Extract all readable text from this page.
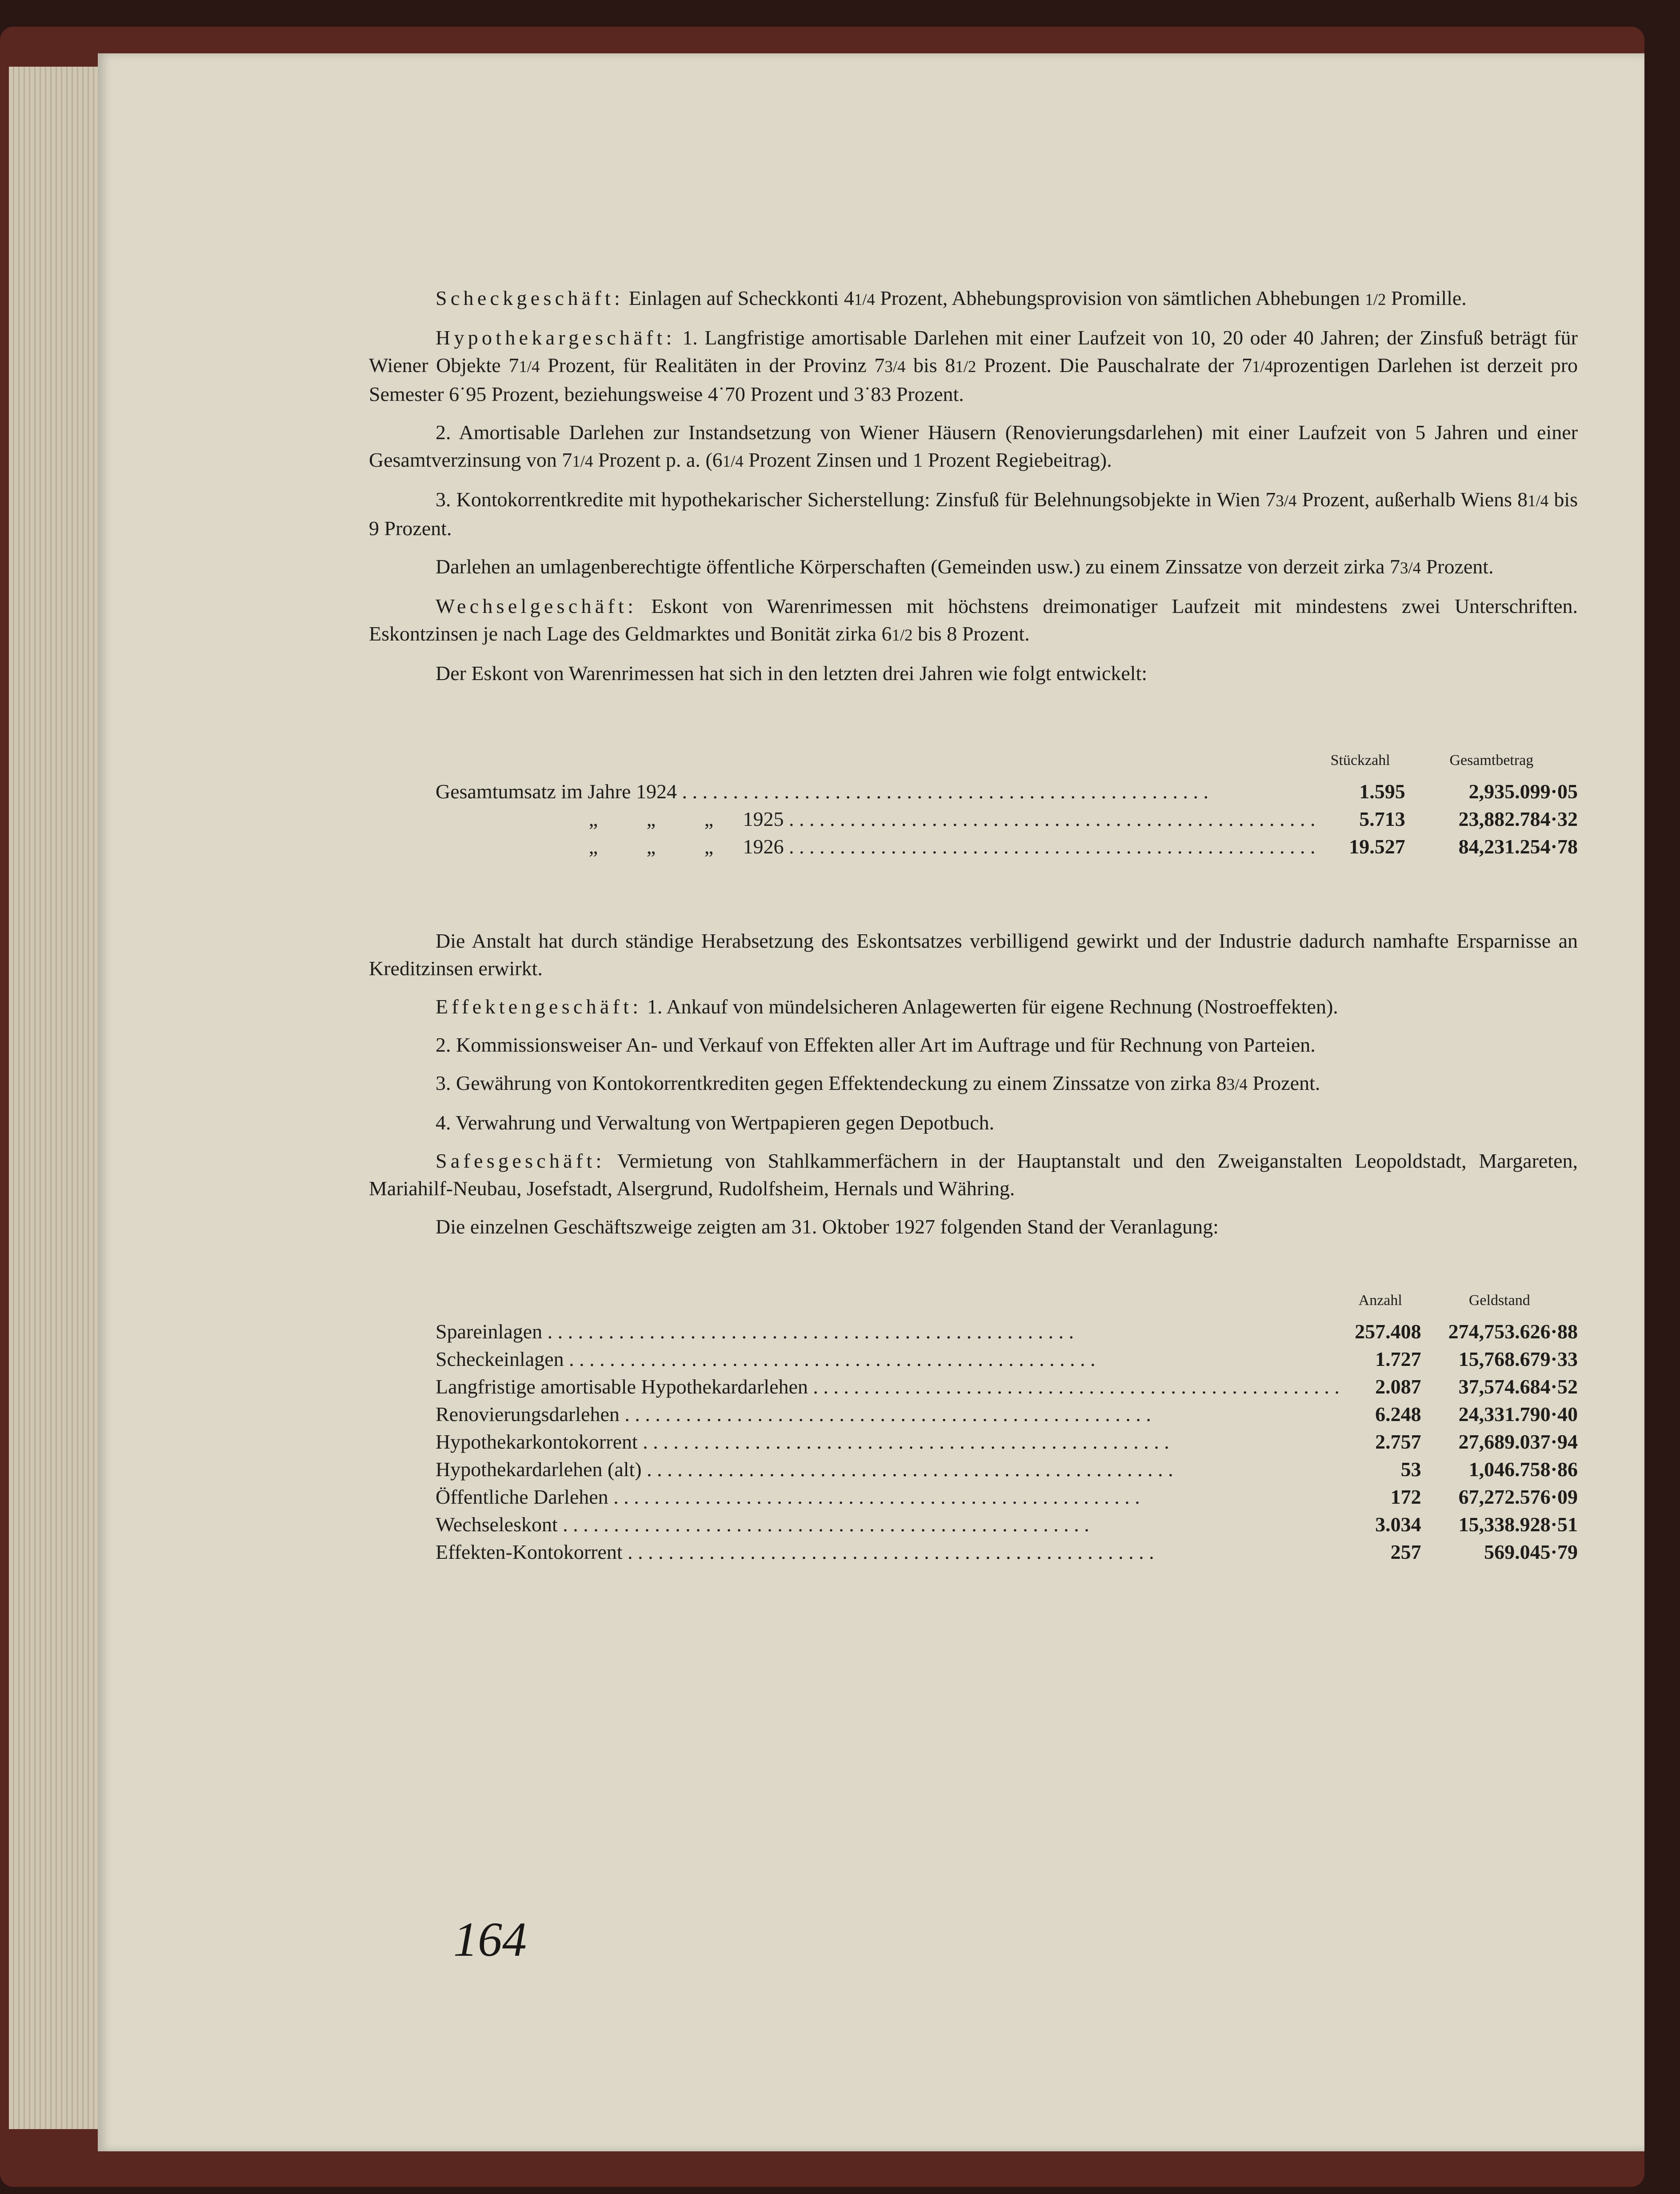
Scheckgeschäft: Einlagen auf Scheckkonti 41/4 Prozent, Abhebungsprovision von sämtlichen Abhebungen 1/2 Promille.

Hypothekargeschäft: 1. Langfristige amortisable Darlehen mit einer Laufzeit von 10, 20 oder 40 Jahren; der Zinsfuß beträgt für Wiener Objekte 71/4 Prozent, für Realitäten in der Provinz 73/4 bis 81/2 Prozent. Die Pauschalrate der 71/4prozentigen Darlehen ist derzeit pro Semester 6˙95 Prozent, beziehungsweise 4˙70 Prozent und 3˙83 Prozent.

2. Amortisable Darlehen zur Instandsetzung von Wiener Häusern (Renovierungsdarlehen) mit einer Laufzeit von 5 Jahren und einer Gesamtverzinsung von 71/4 Prozent p. a. (61/4 Prozent Zinsen und 1 Prozent Regiebeitrag).

3. Kontokorrentkredite mit hypothekarischer Sicherstellung: Zinsfuß für Belehnungsobjekte in Wien 73/4 Prozent, außerhalb Wiens 81/4 bis 9 Prozent.

Darlehen an umlagenberechtigte öffentliche Körperschaften (Gemeinden usw.) zu einem Zinssatze von derzeit zirka 73/4 Prozent.

Wechselgeschäft: Eskont von Warenrimessen mit höchstens dreimonatiger Laufzeit mit mindestens zwei Unterschriften. Eskontzinsen je nach Lage des Geldmarktes und Bonität zirka 61/2 bis 8 Prozent.

Der Eskont von Warenrimessen hat sich in den letzten drei Jahren wie folgt entwickelt:

	Stückzahl	Gesamtbetrag
Gesamtumsatz im Jahre 1924 . . .	1.595	2,935.099·05
„ „ „ 1925 . . .	5.713	23,882.784·32
„ „ „ 1926 . . .	19.527	84,231.254·78

Die Anstalt hat durch ständige Herabsetzung des Eskontsatzes verbilligend gewirkt und der Industrie dadurch namhafte Ersparnisse an Kreditzinsen erwirkt.

Effektengeschäft: 1. Ankauf von mündelsicheren Anlagewerten für eigene Rechnung (Nostroeffekten).

2. Kommissionsweiser An- und Verkauf von Effekten aller Art im Auftrage und für Rechnung von Parteien.

3. Gewährung von Kontokorrentkrediten gegen Effektendeckung zu einem Zinssatze von zirka 83/4 Prozent.

4. Verwahrung und Verwaltung von Wertpapieren gegen Depotbuch.

Safesgeschäft: Vermietung von Stahlkammerfächern in der Hauptanstalt und den Zweiganstalten Leopoldstadt, Margareten, Mariahilf-Neubau, Josefstadt, Alsergrund, Rudolfsheim, Hernals und Währing.

Die einzelnen Geschäftszweige zeigten am 31. Oktober 1927 folgenden Stand der Veranlagung:

	Anzahl	Geldstand
Spareinlagen . . .	257.408	274,753.626·88
Scheckeinlagen . . .	1.727	15,768.679·33
Langfristige amortisable Hypothekardarlehen . . .	2.087	37,574.684·52
Renovierungsdarlehen . . .	6.248	24,331.790·40
Hypothekarkontokorrent . . .	2.757	27,689.037·94
Hypothekardarlehen (alt) . . .	53	1,046.758·86
Öffentliche Darlehen . . .	172	67,272.576·09
Wechseleskont . . .	3.034	15,338.928·51
Effekten-Kontokorrent . . .	257	569.045·79
164
